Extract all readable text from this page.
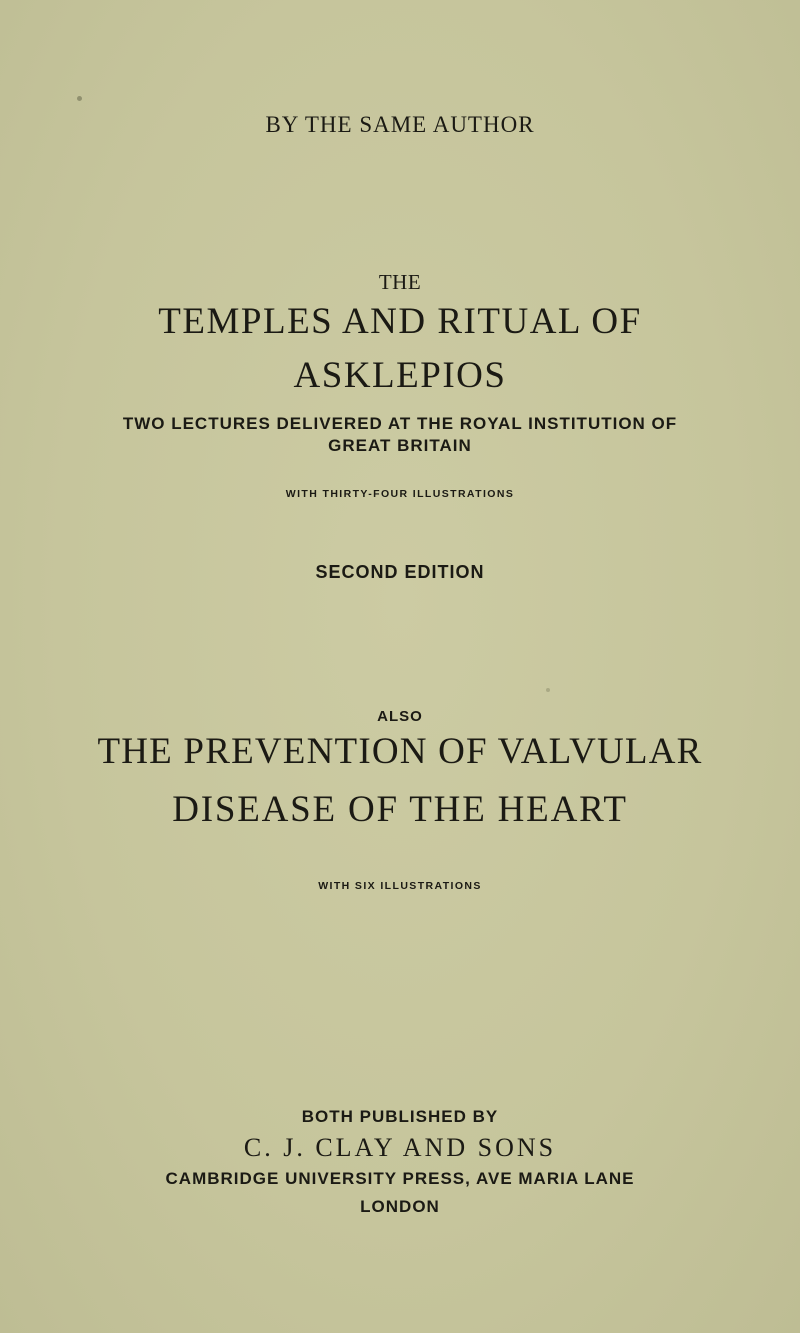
BY THE SAME AUTHOR
THE
TEMPLES AND RITUAL OF
ASKLEPIOS
TWO LECTURES DELIVERED AT THE ROYAL INSTITUTION OF
GREAT BRITAIN
WITH THIRTY-FOUR ILLUSTRATIONS
SECOND EDITION
ALSO
THE PREVENTION OF VALVULAR
DISEASE OF THE HEART
WITH SIX ILLUSTRATIONS
BOTH PUBLISHED BY
C. J. CLAY AND SONS
CAMBRIDGE UNIVERSITY PRESS, AVE MARIA LANE
LONDON
